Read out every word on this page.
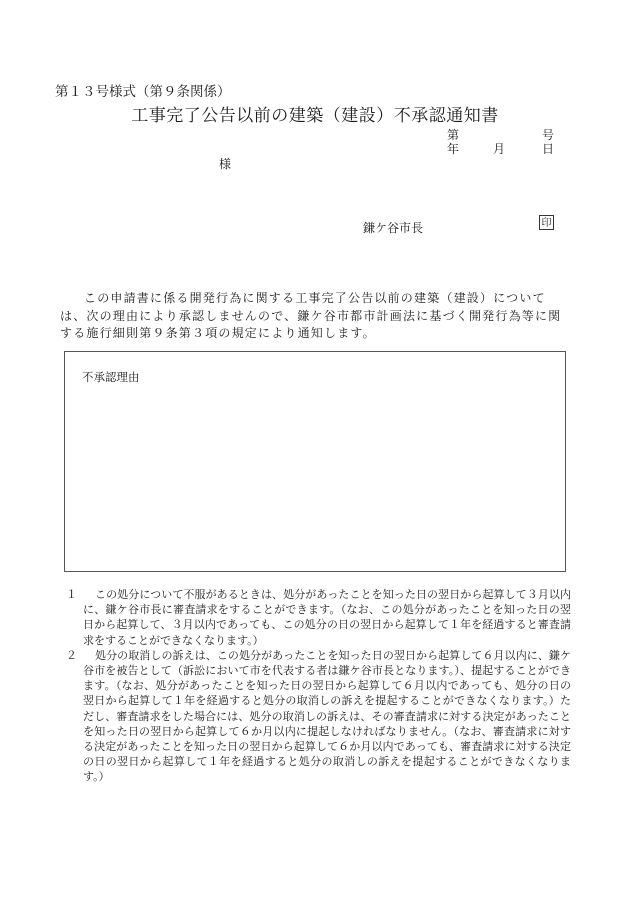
第１３号様式（第９条関係）
工事完了公告以前の建築（建設）不承認通知書
第	号
年	月	日
様
鎌ケ谷市長	印
この申請書に係る開発行為に関する工事完了公告以前の建築（建設）については、次の理由により承認しませんので、鎌ケ谷市都市計画法に基づく開発行為等に関する施行細則第９条第３項の規定により通知します。
不承認理由
１	この処分について不服があるときは、処分があったことを知った日の翌日から起算して３月以内に、鎌ケ谷市長に審査請求をすることができます。（なお、この処分があったことを知った日の翌日から起算して、３月以内であっても、この処分の日の翌日から起算して１年を経過すると審査請求をすることができなくなります。）
２	処分の取消しの訴えは、この処分があったことを知った日の翌日から起算して６月以内に、鎌ケ谷市を被告として（訴訟において市を代表する者は鎌ケ谷市長となります。）、提起することができます。（なお、処分があったことを知った日の翌日から起算して６月以内であっても、処分の日の翌日から起算して１年を経過すると処分の取消しの訴えを提起することができなくなります。）ただし、審査請求をした場合には、処分の取消しの訴えは、その審査請求に対する決定があったことを知った日の翌日から起算して６か月以内に提起しなければなりません。（なお、審査請求に対する決定があったことを知った日の翌日から起算して６か月以内であっても、審査請求に対する決定の日の翌日から起算して１年を経過すると処分の取消しの訴えを提起することができなくなります。）
